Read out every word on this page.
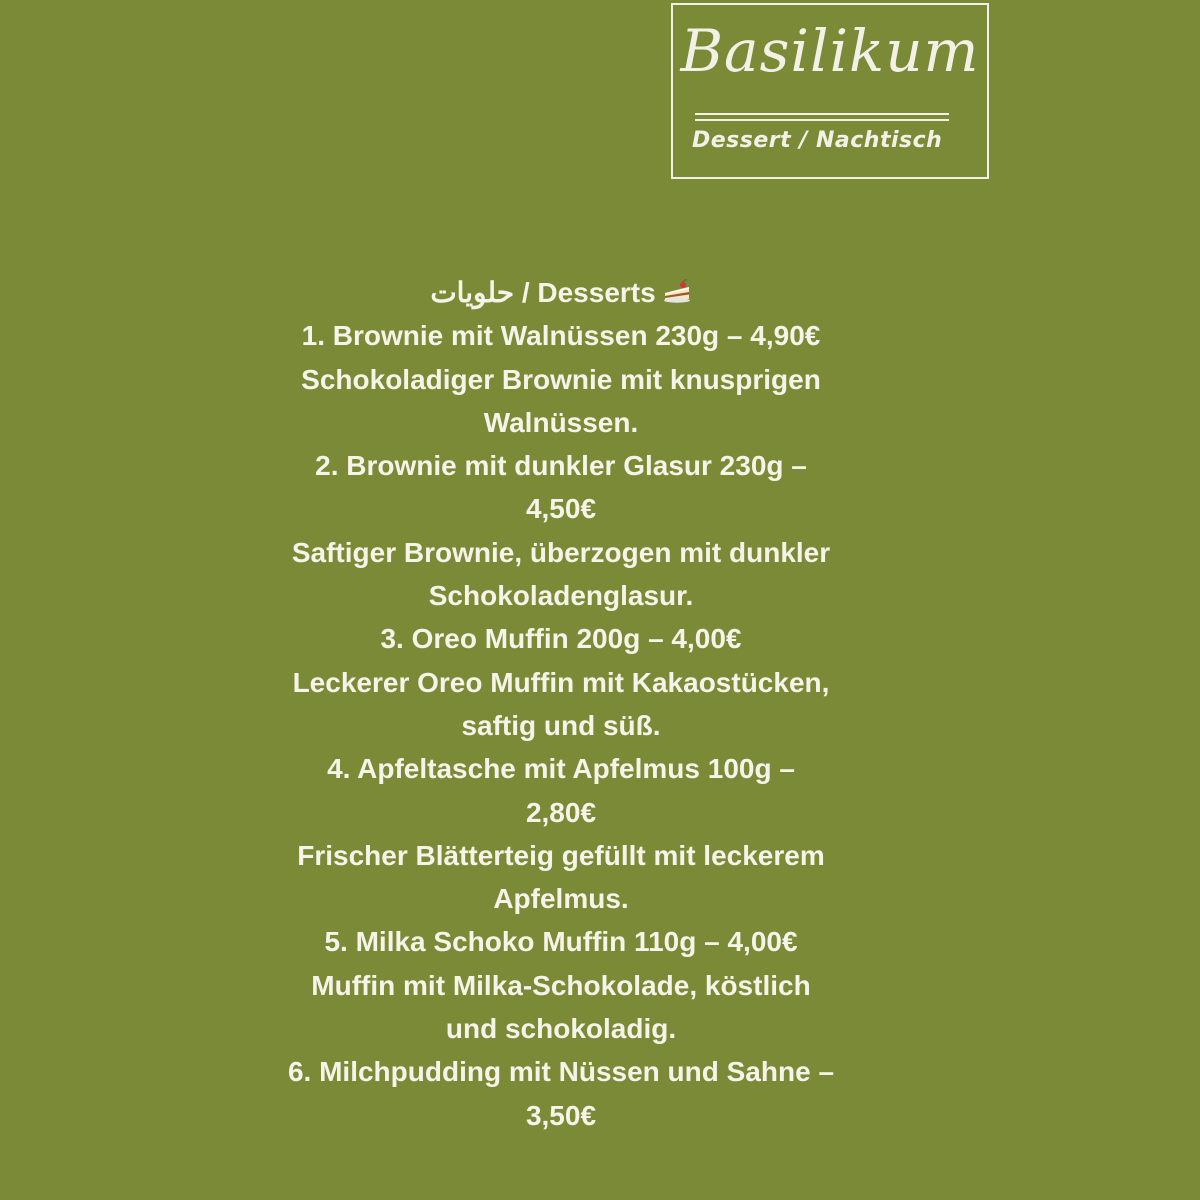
Basilikum
Dessert / Nachtisch
حلويات / Desserts
1. Brownie mit Walnüssen 230g – 4,90€
Schokoladiger Brownie mit knusprigen
Walnüssen.
2. Brownie mit dunkler Glasur 230g –
4,50€
Saftiger Brownie, überzogen mit dunkler
Schokoladenglasur.
3. Oreo Muffin 200g – 4,00€
Leckerer Oreo Muffin mit Kakaostücken,
saftig und süß.
4. Apfeltasche mit Apfelmus 100g –
2,80€
Frischer Blätterteig gefüllt mit leckerem
Apfelmus.
5. Milka Schoko Muffin 110g – 4,00€
Muffin mit Milka-Schokolade, köstlich
und schokoladig.
6. Milchpudding mit Nüssen und Sahne –
3,50€
